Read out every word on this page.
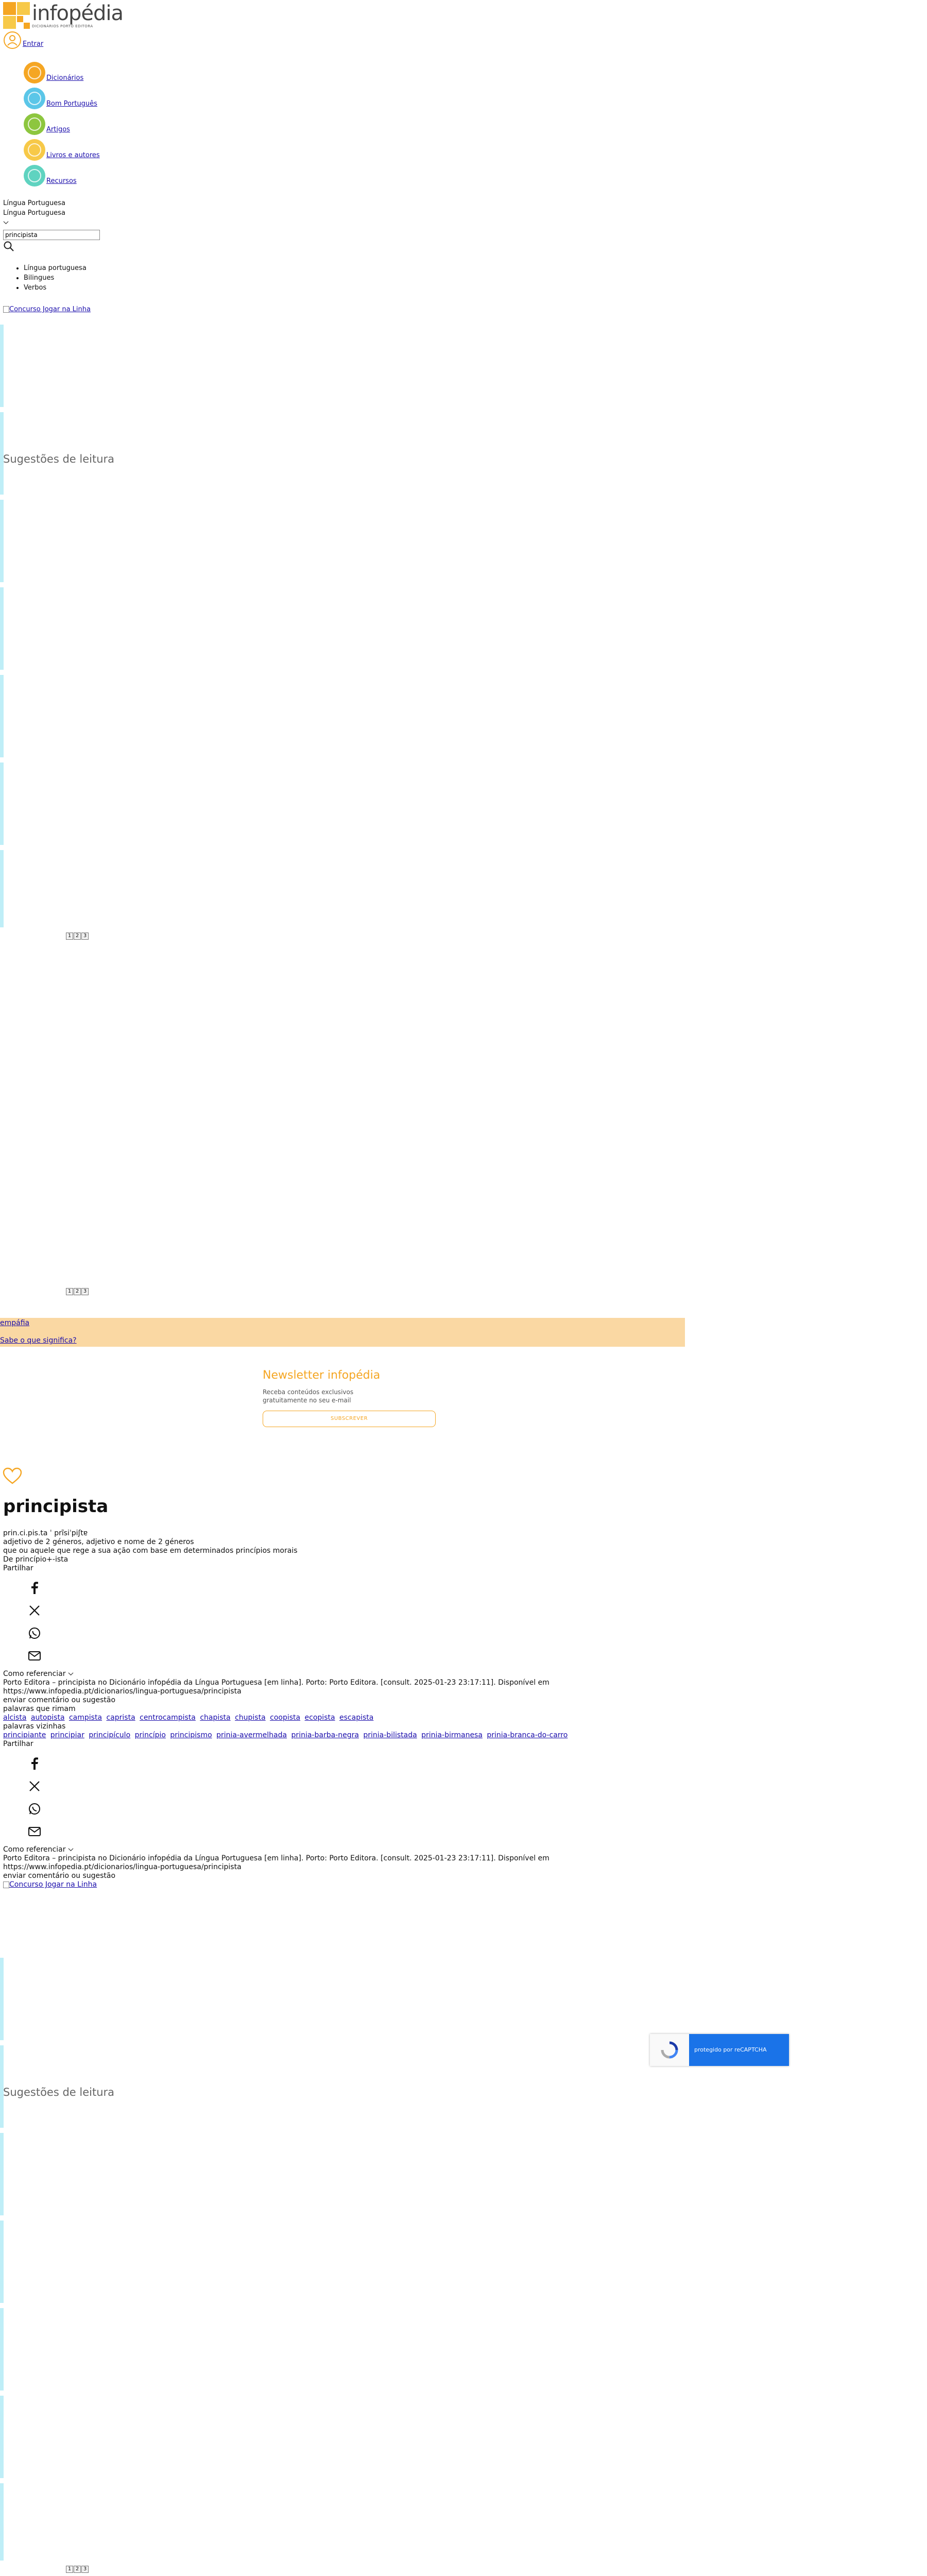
infopédia
DICIONÁRIOS PORTO EDITORA
Entrar
Dicionários
Bom Português
Artigos
Livros e autores
Recursos
Língua Portuguesa
Língua Portuguesa
principista
• Língua portuguesa
• Bilingues
• Verbos
Concurso Jogar na Linha
Sugestões de leitura
1 2 3
1 2 3
empáfia
Sabe o que significa?
Newsletter infopédia

Receba conteúdos exclusivos gratuitamente no seu e-mail

SUBSCREVER
principista
prin.ci.pis.ta ˈ prĩsiˈpiʃtɐ
adjetivo de 2 géneros, adjetivo e nome de 2 géneros
que ou aquele que rege a sua ação com base em determinados princípios morais
De princípio+-ista
Partilhar
Como referenciar
Porto Editora – principista no Dicionário infopédia da Língua Portuguesa [em linha]. Porto: Porto Editora. [consult. 2025-01-23 23:17:11]. Disponível em
https://www.infopedia.pt/dicionarios/lingua-portuguesa/principista
enviar comentário ou sugestão
palavras que rimam
alcista autopista campista caprista centrocampista chapista chupista coopista ecopista escapista
palavras vizinhas
principiante principiar principículo princípio principismo prinia-avermelhada prinia-barba-negra prinia-bilistada prinia-birmanesa prinia-branca-do-carro
Partilhar
Como referenciar
Porto Editora – principista no Dicionário infopédia da Língua Portuguesa [em linha]. Porto: Porto Editora. [consult. 2025-01-23 23:17:11]. Disponível em
https://www.infopedia.pt/dicionarios/lingua-portuguesa/principista
enviar comentário ou sugestão
Concurso Jogar na Linha
Sugestões de leitura
1 2 3

protegido por reCAPTCHA
